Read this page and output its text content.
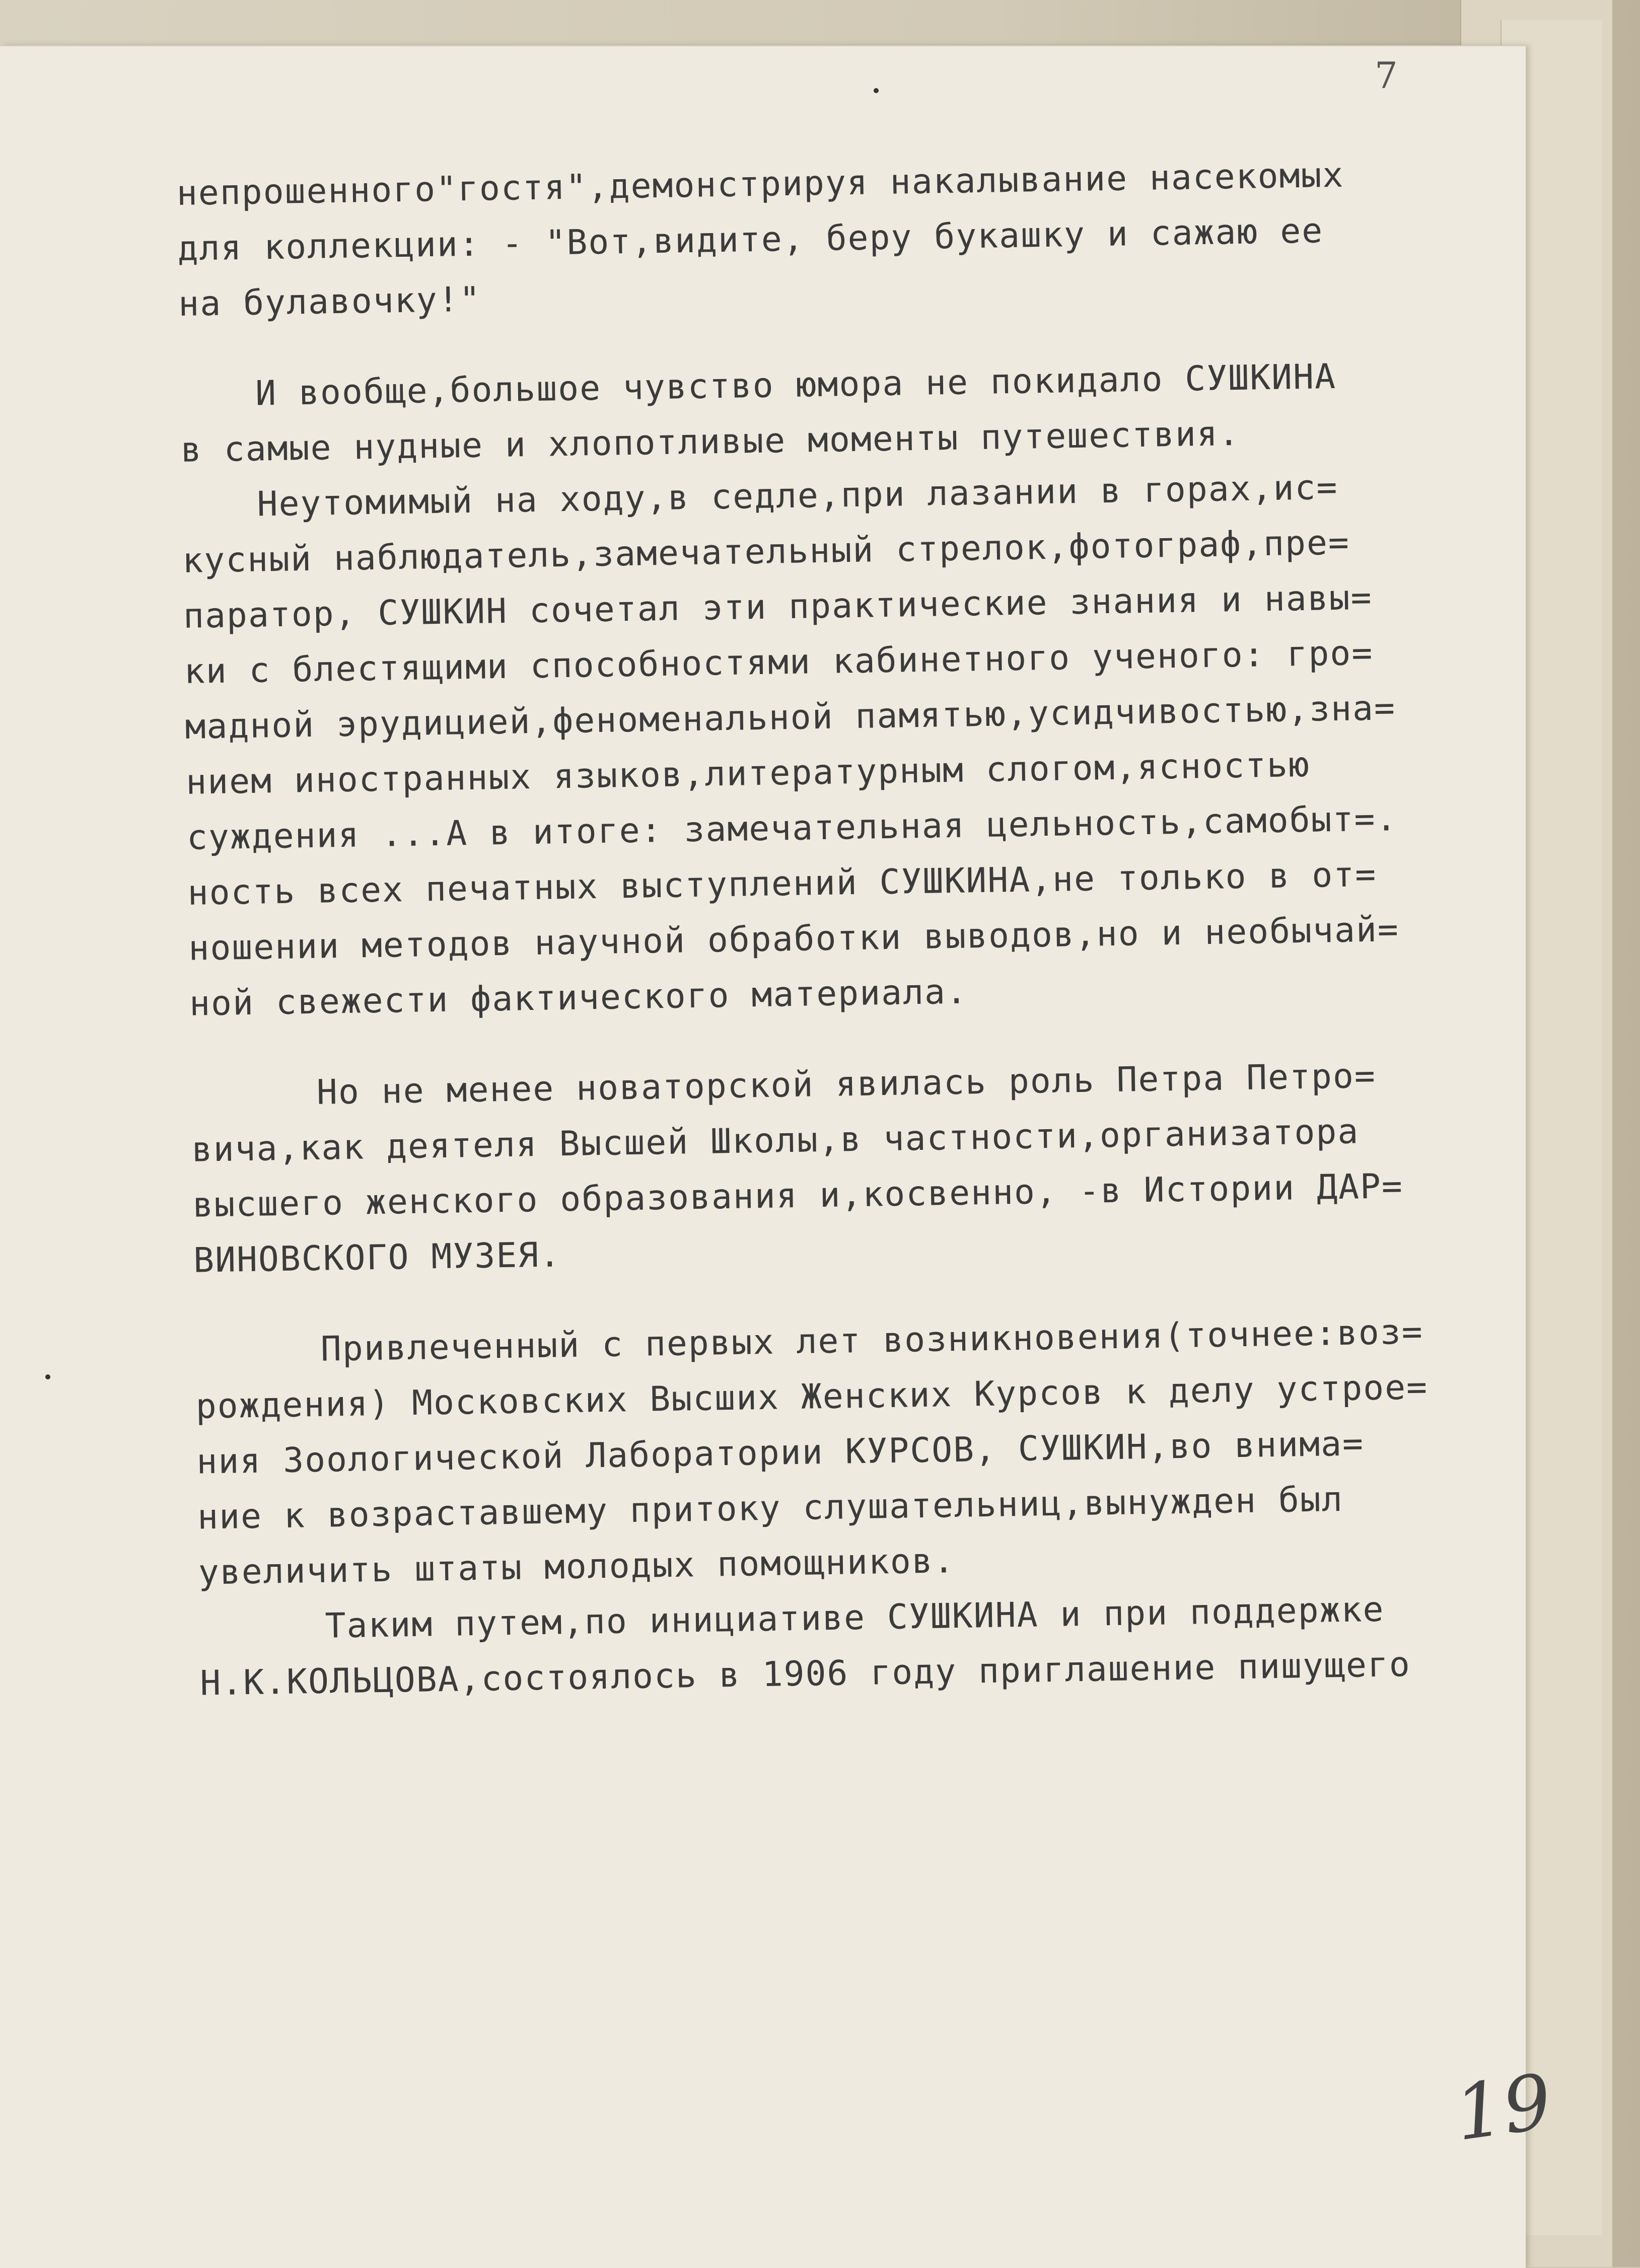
7
непрошенного"гостя",демонстрируя накалывание насекомых
для коллекции: - "Вот,видите, беру букашку и сажаю ее
на булавочку!"
И вообще,большое чувство юмора не покидало СУШКИНА
в самые нудные и хлопотливые моменты путешествия.
Неутомимый на ходу,в седле,при лазании в горах,ис=
кусный наблюдатель,замечательный стрелок,фотограф,пре=
паратор, СУШКИН сочетал эти практические знания и навы=
ки с блестящими способностями кабинетного ученого: гро=
мадной эрудицией,феноменальной памятью,усидчивостью,зна=
нием иностранных языков,литературным слогом,ясностью
суждения ...А в итоге: замечательная цельность,самобыт=.
ность всех печатных выступлений СУШКИНА,не только в от=
ношении методов научной обработки выводов,но и необычай=
ной свежести фактического материала.
Но не менее новаторской явилась роль Петра Петро=
вича,как деятеля Высшей Школы,в частности,организатора
высшего женского образования и,косвенно, -в Истории ДАР=
ВИНОВСКОГО МУЗЕЯ.
Привлеченный с первых лет возникновения(точнее:воз=
рождения) Московских Высших Женских Курсов к делу устрое=
ния Зоологической Лаборатории КУРСОВ, СУШКИН,во внима=
ние к возраставшему притоку слушательниц,вынужден был
увеличить штаты молодых помощников.
Таким путем,по инициативе СУШКИНА и при поддержке
Н.К.КОЛЬЦОВА,состоялось в 1906 году приглашение пишущего
19
